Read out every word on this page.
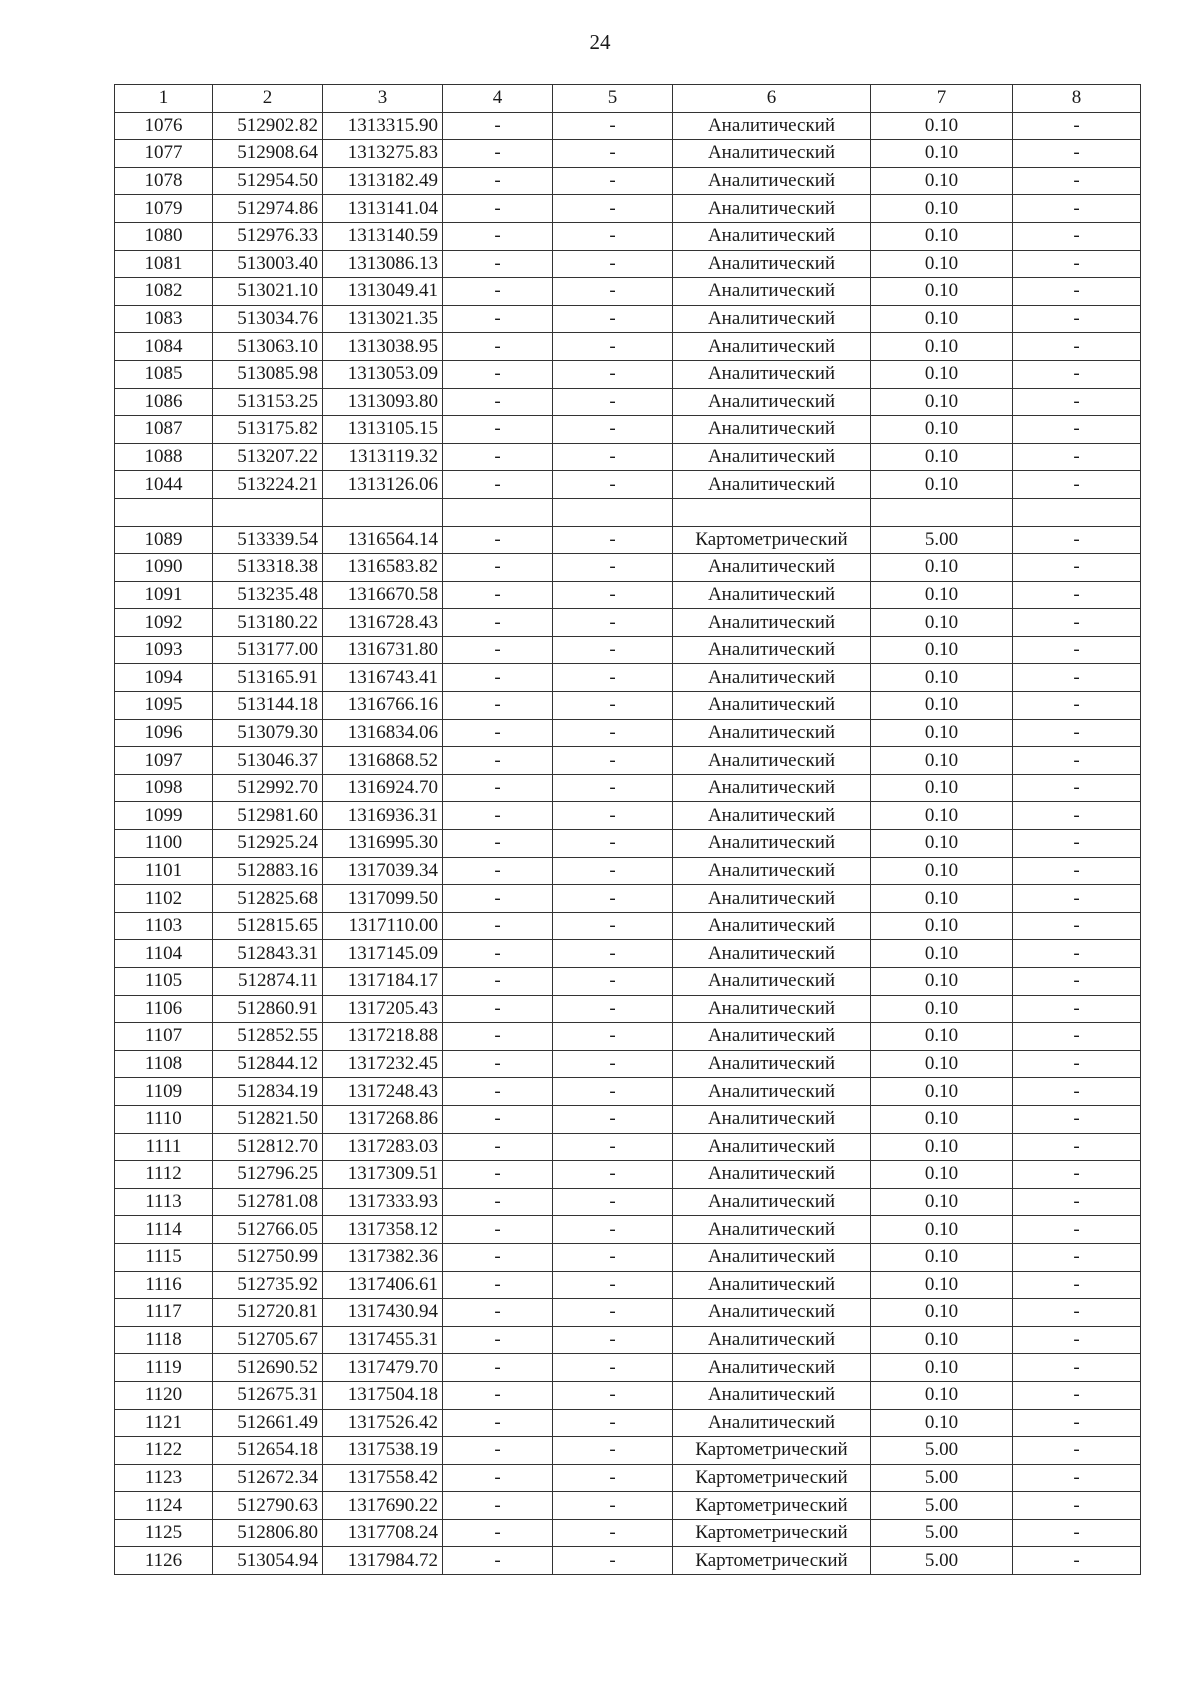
24
1	2	3	4	5	6	7	8
1076	512902.82	1313315.90	-	-	Аналитический	0.10	-
1077	512908.64	1313275.83	-	-	Аналитический	0.10	-
1078	512954.50	1313182.49	-	-	Аналитический	0.10	-
1079	512974.86	1313141.04	-	-	Аналитический	0.10	-
1080	512976.33	1313140.59	-	-	Аналитический	0.10	-
1081	513003.40	1313086.13	-	-	Аналитический	0.10	-
1082	513021.10	1313049.41	-	-	Аналитический	0.10	-
1083	513034.76	1313021.35	-	-	Аналитический	0.10	-
1084	513063.10	1313038.95	-	-	Аналитический	0.10	-
1085	513085.98	1313053.09	-	-	Аналитический	0.10	-
1086	513153.25	1313093.80	-	-	Аналитический	0.10	-
1087	513175.82	1313105.15	-	-	Аналитический	0.10	-
1088	513207.22	1313119.32	-	-	Аналитический	0.10	-
1044	513224.21	1313126.06	-	-	Аналитический	0.10	-

1089	513339.54	1316564.14	-	-	Картометрический	5.00	-
1090	513318.38	1316583.82	-	-	Аналитический	0.10	-
1091	513235.48	1316670.58	-	-	Аналитический	0.10	-
1092	513180.22	1316728.43	-	-	Аналитический	0.10	-
1093	513177.00	1316731.80	-	-	Аналитический	0.10	-
1094	513165.91	1316743.41	-	-	Аналитический	0.10	-
1095	513144.18	1316766.16	-	-	Аналитический	0.10	-
1096	513079.30	1316834.06	-	-	Аналитический	0.10	-
1097	513046.37	1316868.52	-	-	Аналитический	0.10	-
1098	512992.70	1316924.70	-	-	Аналитический	0.10	-
1099	512981.60	1316936.31	-	-	Аналитический	0.10	-
1100	512925.24	1316995.30	-	-	Аналитический	0.10	-
1101	512883.16	1317039.34	-	-	Аналитический	0.10	-
1102	512825.68	1317099.50	-	-	Аналитический	0.10	-
1103	512815.65	1317110.00	-	-	Аналитический	0.10	-
1104	512843.31	1317145.09	-	-	Аналитический	0.10	-
1105	512874.11	1317184.17	-	-	Аналитический	0.10	-
1106	512860.91	1317205.43	-	-	Аналитический	0.10	-
1107	512852.55	1317218.88	-	-	Аналитический	0.10	-
1108	512844.12	1317232.45	-	-	Аналитический	0.10	-
1109	512834.19	1317248.43	-	-	Аналитический	0.10	-
1110	512821.50	1317268.86	-	-	Аналитический	0.10	-
1111	512812.70	1317283.03	-	-	Аналитический	0.10	-
1112	512796.25	1317309.51	-	-	Аналитический	0.10	-
1113	512781.08	1317333.93	-	-	Аналитический	0.10	-
1114	512766.05	1317358.12	-	-	Аналитический	0.10	-
1115	512750.99	1317382.36	-	-	Аналитический	0.10	-
1116	512735.92	1317406.61	-	-	Аналитический	0.10	-
1117	512720.81	1317430.94	-	-	Аналитический	0.10	-
1118	512705.67	1317455.31	-	-	Аналитический	0.10	-
1119	512690.52	1317479.70	-	-	Аналитический	0.10	-
1120	512675.31	1317504.18	-	-	Аналитический	0.10	-
1121	512661.49	1317526.42	-	-	Аналитический	0.10	-
1122	512654.18	1317538.19	-	-	Картометрический	5.00	-
1123	512672.34	1317558.42	-	-	Картометрический	5.00	-
1124	512790.63	1317690.22	-	-	Картометрический	5.00	-
1125	512806.80	1317708.24	-	-	Картометрический	5.00	-
1126	513054.94	1317984.72	-	-	Картометрический	5.00	-
